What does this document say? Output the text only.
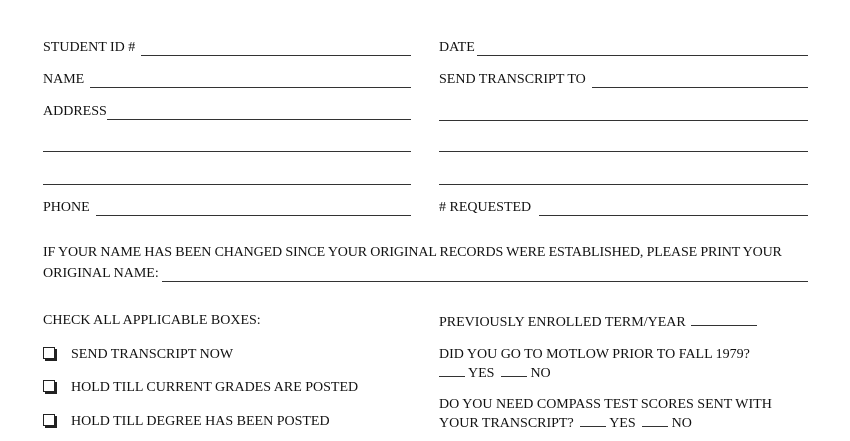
STUDENT ID #
NAME
ADDRESS
PHONE
DATE
SEND TRANSCRIPT TO
# REQUESTED
IF YOUR NAME HAS BEEN CHANGED SINCE YOUR ORIGINAL RECORDS WERE ESTABLISHED, PLEASE PRINT YOUR
ORIGINAL NAME:
CHECK ALL APPLICABLE BOXES:
SEND TRANSCRIPT NOW
HOLD TILL CURRENT GRADES ARE POSTED
HOLD TILL DEGREE HAS BEEN POSTED
PREVIOUSLY ENROLLED TERM/YEAR
DID YOU GO TO MOTLOW PRIOR TO FALL 1979?
YES	NO
DO YOU NEED COMPASS TEST SCORES SENT WITH
YOUR TRANSCRIPT?	YES	NO
